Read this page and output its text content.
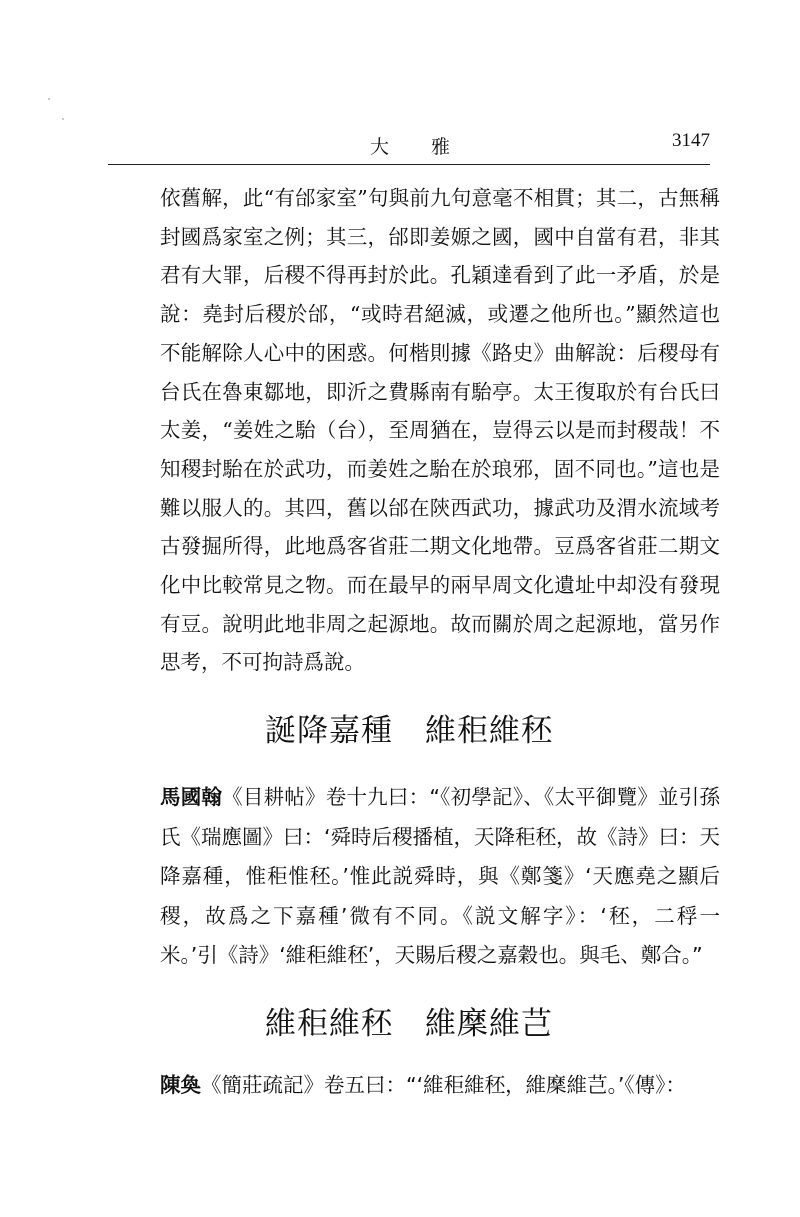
大 雅	3147
依舊解，此“有邰家室”句與前九句意毫不相貫；其二，古無稱封國爲家室之例；其三，邰即姜嫄之國，國中自當有君，非其君有大罪，后稷不得再封於此。孔穎達看到了此一矛盾，於是說：堯封后稷於邰，“或時君絕滅，或遷之他所也。”顯然這也不能解除人心中的困惑。何楷則據《路史》曲解說：后稷母有台氏在魯東鄒地，即沂之費縣南有駘亭。太王復取於有台氏曰太姜，“姜姓之駘（台），至周猶在，豈得云以是而封稷哉！不知稷封駘在於武功，而姜姓之駘在於琅邪，固不同也。”這也是難以服人的。其四，舊以邰在陝西武功，據武功及渭水流域考古發掘所得，此地爲客省莊二期文化地帶。豆爲客省莊二期文化中比較常見之物。而在最早的兩早周文化遺址中却没有發現有豆。說明此地非周之起源地。故而關於周之起源地，當另作思考，不可拘詩爲說。
誕降嘉種　維秬維秠
馬國翰《目耕帖》卷十九曰：“《初學記》、《太平御覽》並引孫氏《瑞應圖》曰：‘舜時后稷播植，天降秬秠，故《詩》曰：天降嘉種，惟秬惟秠。’惟此説舜時，與《鄭箋》‘天應堯之顯后稷，故爲之下嘉種’微有不同。《説文解字》：‘秠，二稃一米。’引《詩》‘維秬維秠’，天賜后稷之嘉穀也。與毛、鄭合。”
維秬維秠　維穈維芑
陳奐《簡莊疏記》卷五曰：“‘維秬維秠，維穈維芑。’《傳》：
